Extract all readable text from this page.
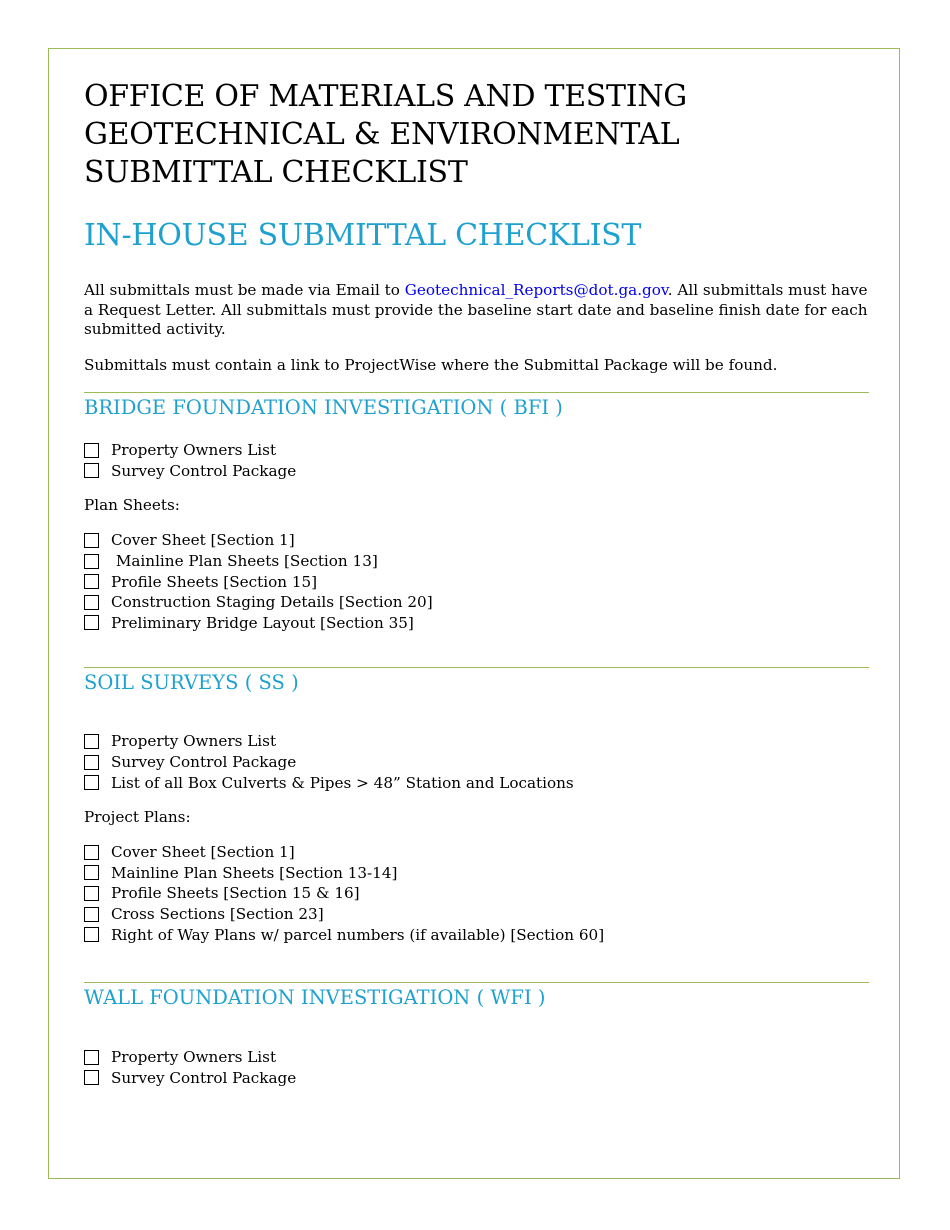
OFFICE OF MATERIALS AND TESTING
GEOTECHNICAL & ENVIRONMENTAL
SUBMITTAL CHECKLIST
IN-HOUSE SUBMITTAL CHECKLIST

All submittals must be made via Email to Geotechnical_Reports@dot.ga.gov. All submittals must have a Request Letter. All submittals must provide the baseline start date and baseline finish date for each submitted activity.

Submittals must contain a link to ProjectWise where the Submittal Package will be found.

BRIDGE FOUNDATION INVESTIGATION ( BFI )
Property Owners List
Survey Control Package

Plan Sheets:

Cover Sheet [Section 1]
Mainline Plan Sheets [Section 13]
Profile Sheets [Section 15]
Construction Staging Details [Section 20]
Preliminary Bridge Layout [Section 35]
SOIL SURVEYS ( SS )
Property Owners List
Survey Control Package
List of all Box Culverts & Pipes > 48” Station and Locations

Project Plans:

Cover Sheet [Section 1]
Mainline Plan Sheets [Section 13-14]
Profile Sheets [Section 15 & 16]
Cross Sections [Section 23]
Right of Way Plans w/ parcel numbers (if available) [Section 60]
WALL FOUNDATION INVESTIGATION ( WFI )
Property Owners List
Survey Control Package
